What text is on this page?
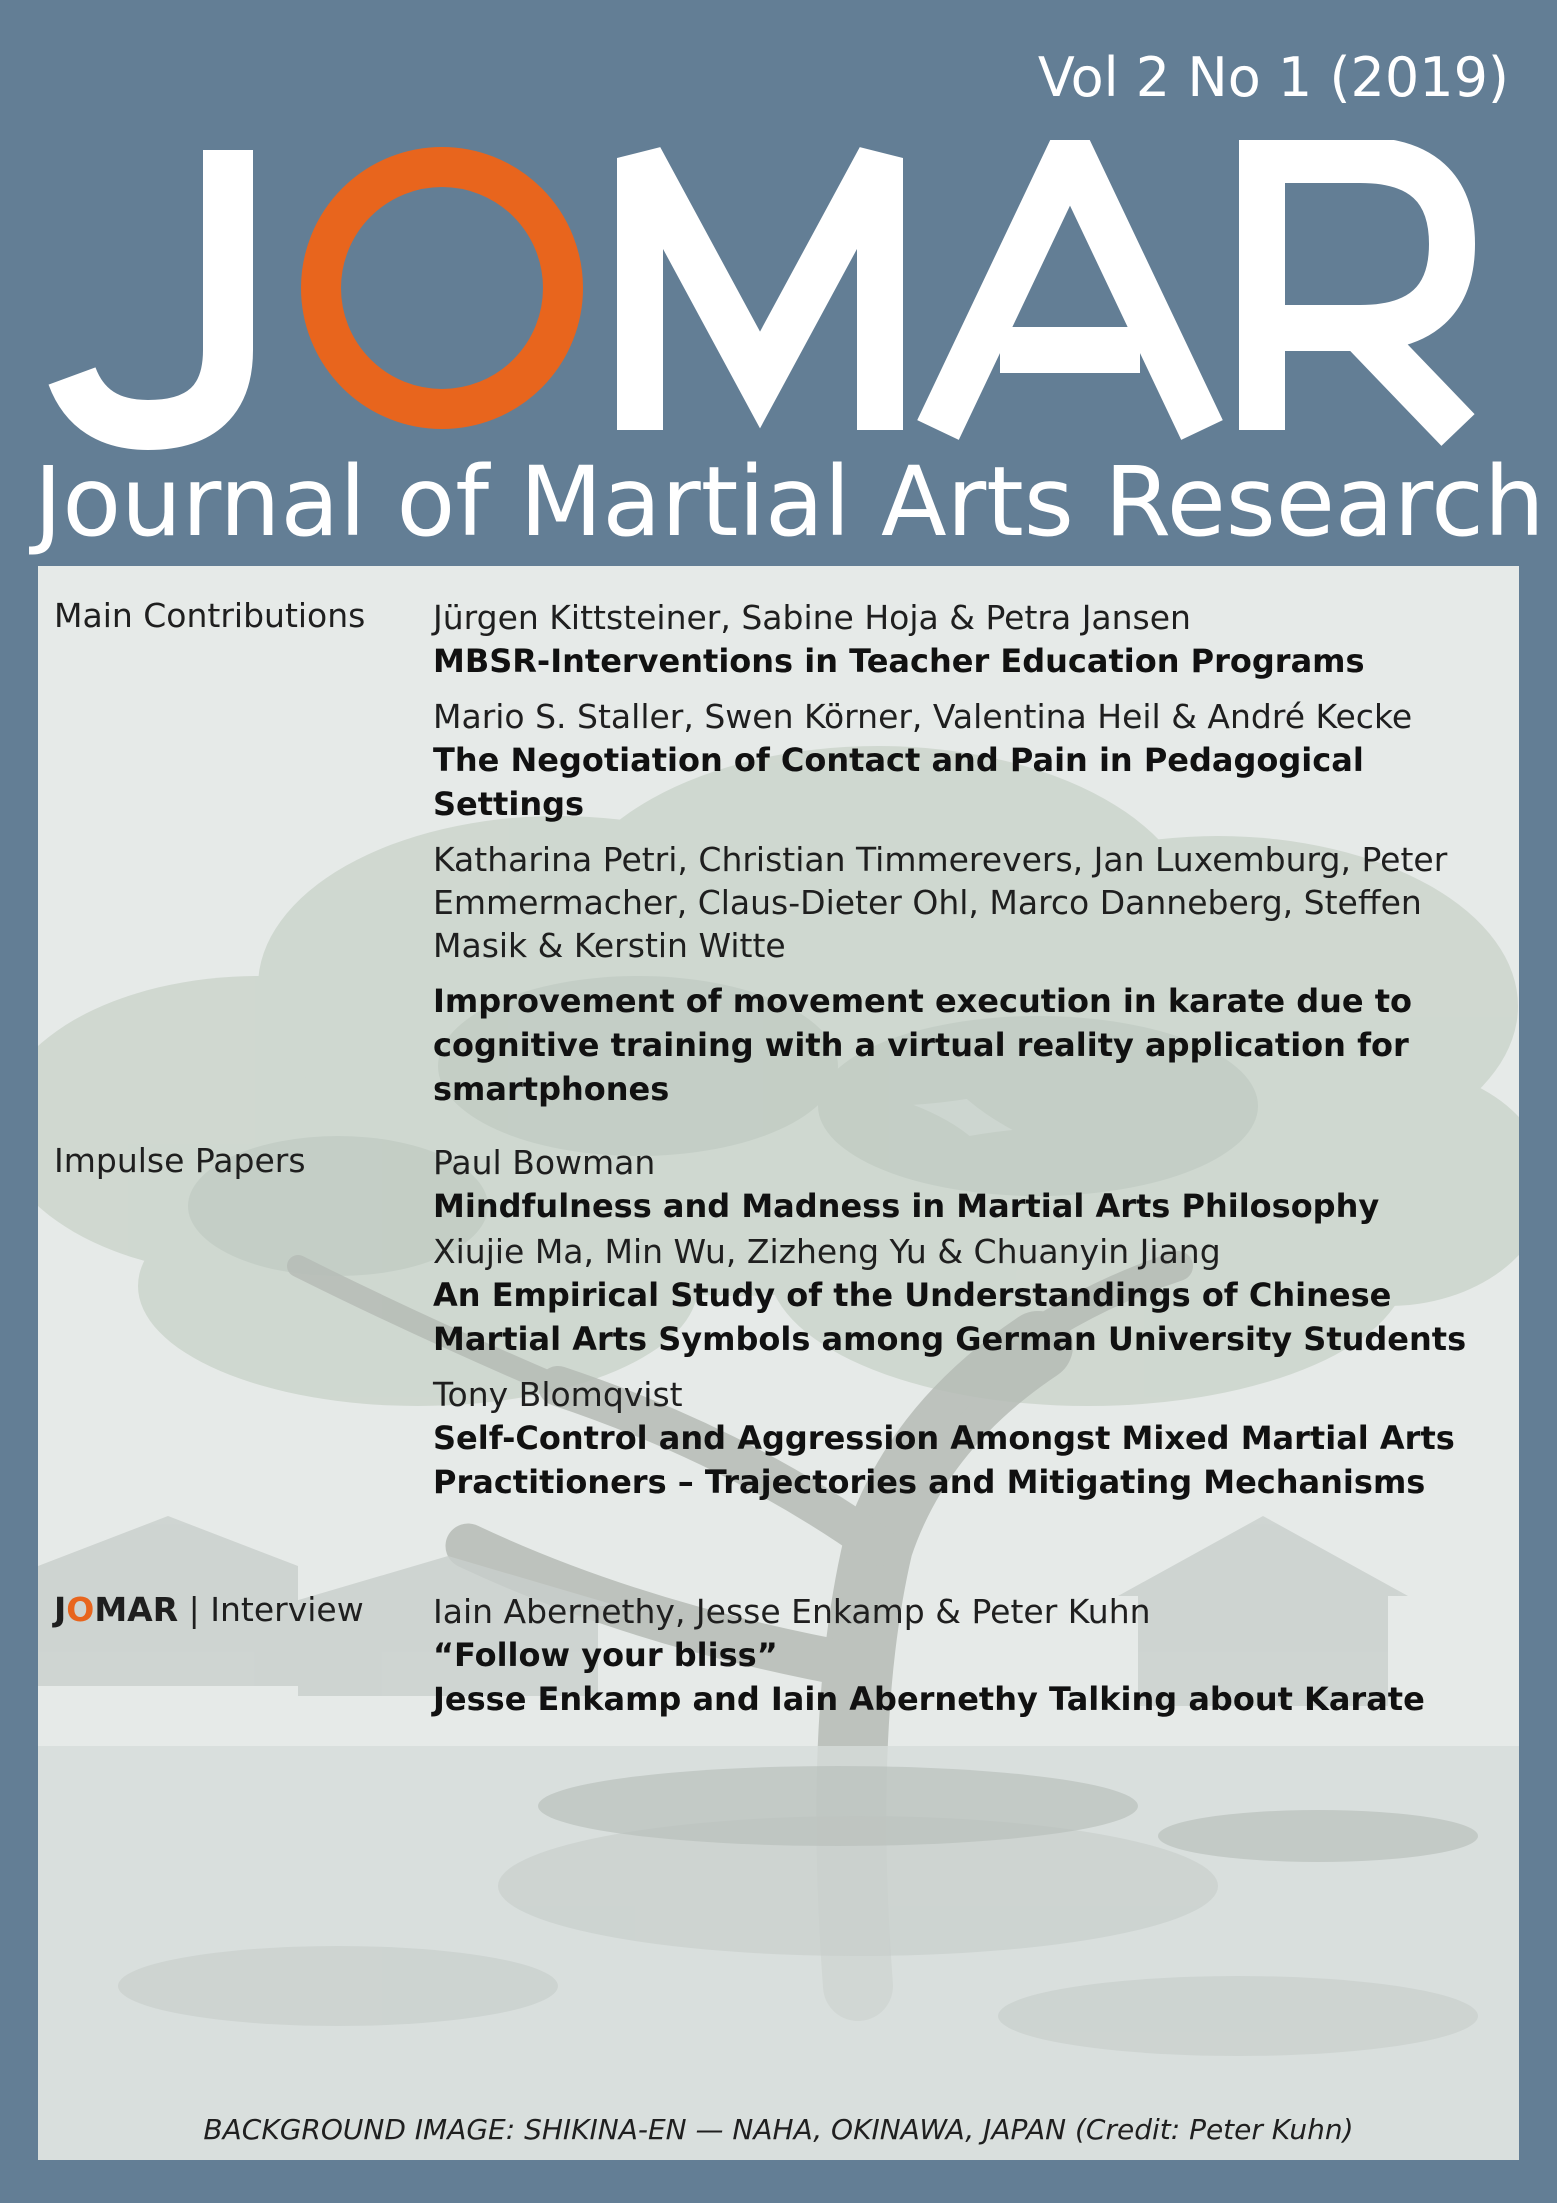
Vol 2 No 1 (2019)
Journal of Martial Arts Research
Main Contributions Jürgen Kittsteiner, Sabine Hoja & Petra Jansen
MBSR-Interventions in Teacher Education Programs
Mario S. Staller, Swen Körner, Valentina Heil & André Kecke
The Negotiation of Contact and Pain in Pedagogical Settings
Katharina Petri, Christian Timmerevers, Jan Luxemburg, Peter Emmermacher, Claus-Dieter Ohl, Marco Danneberg, Steffen Masik & Kerstin Witte
Improvement of movement execution in karate due to cognitive training with a virtual reality application for smartphones
Impulse Papers	Paul Bowman
Mindfulness and Madness in Martial Arts Philosophy
Xiujie Ma, Min Wu, Zizheng Yu & Chuanyin Jiang
An Empirical Study of the Understandings of Chinese Martial Arts Symbols among German University Students
Tony Blomqvist
Self-Control and Aggression Amongst Mixed Martial Arts Practitioners – Trajectories and Mitigating Mechanisms
JOMAR | Interview Iain Abernethy, Jesse Enkamp & Peter Kuhn
“Follow your bliss”
Jesse Enkamp and Iain Abernethy Talking about Karate
BACKGROUND IMAGE: SHIKINA-EN — NAHA, OKINAWA, JAPAN (Credit: Peter Kuhn)
